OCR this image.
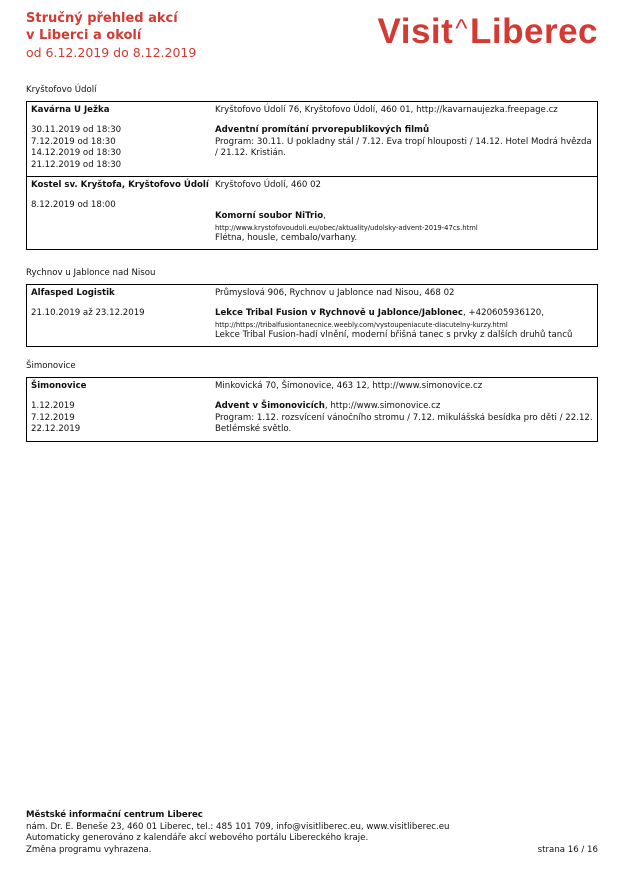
Stručný přehled akcí
v Liberci a okolí
od 6.12.2019 do 8.12.2019
Visit^Liberec
Kryštofovo Údolí
Kavárna U Ježka
30.11.2019 od 18:30
7.12.2019 od 18:30
14.12.2019 od 18:30
21.12.2019 od 18:30
Kryštofovo Údolí 76, Kryštofovo Údolí, 460 01, http://kavarnaujezka.freepage.cz
Adventní promítání prvorepublikových filmů
Program: 30.11. U pokladny stál / 7.12. Eva tropí hlouposti / 14.12. Hotel Modrá hvězda / 21.12. Kristián.
Kostel sv. Kryštofa, Kryštofovo Údolí
8.12.2019 od 18:00
Kryštofovo Údolí, 460 02
Komorní soubor NiTrio,
http://www.krystofovoudoli.eu/obec/aktuality/udolsky-advent-2019-47cs.html
Flétna, housle, cembalo/varhany.
Rychnov u Jablonce nad Nisou
Alfasped Logistik
21.10.2019 až 23.12.2019
Průmyslová 906, Rychnov u Jablonce nad Nisou, 468 02
Lekce Tribal Fusion v Rychnově u Jablonce/Jablonec, +420605936120,
http://https://tribalfusiontanecnice.weebly.com/vystoupeniacute-diacutelny-kurzy.html
Lekce Tribal Fusion-hadí vlnění, moderní břišná tanec s prvky z dalších druhů tanců
Šimonovice
Šimonovice
1.12.2019
7.12.2019
22.12.2019
Minkovická 70, Šimonovice, 463 12, http://www.simonovice.cz
Advent v Šimonovicích, http://www.simonovice.cz
Program: 1.12. rozsvícení vánočního stromu / 7.12. mikulášská besídka pro děti / 22.12. Betlémské světlo.
Městské informační centrum Liberec
nám. Dr. E. Beneše 23, 460 01 Liberec, tel.: 485 101 709, info@visitliberec.eu, www.visitliberec.eu
Automaticky generováno z kalendáře akcí webového portálu Libereckého kraje.
Změna programu vyhrazena.	strana 16 / 16
